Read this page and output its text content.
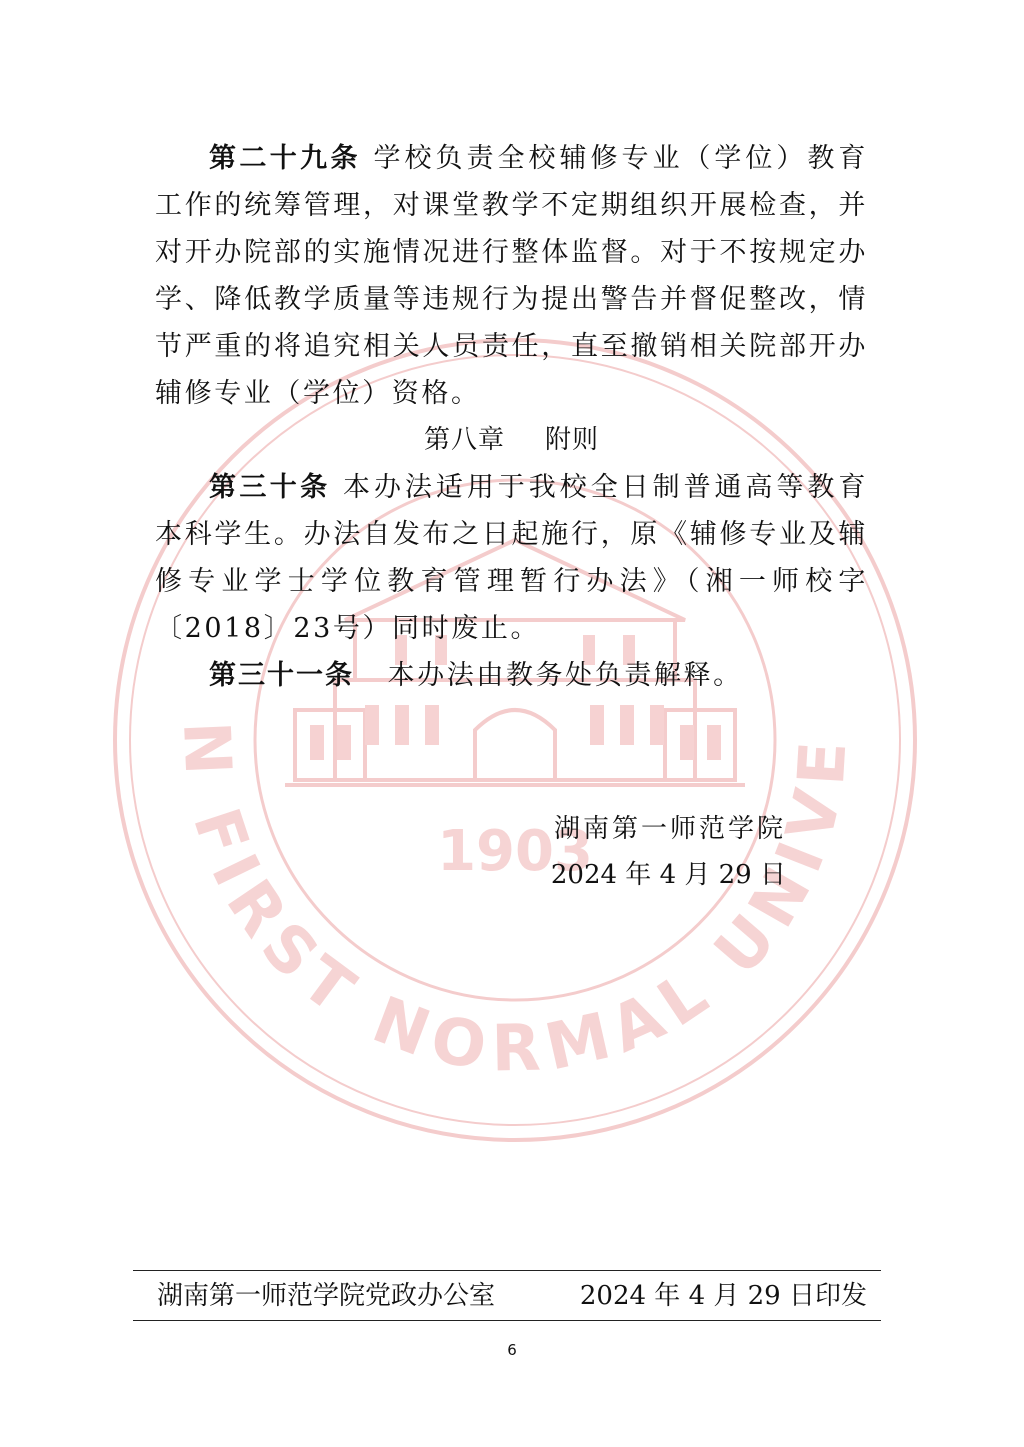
1903
N FIRST NORMAL UNIVE

第二十九条 学校负责全校辅修专业（学位）教育工作的统筹管理，对课堂教学不定期组织开展检查，并对开办院部的实施情况进行整体监督。对于不按规定办学、降低教学质量等违规行为提出警告并督促整改，情节严重的将追究相关人员责任，直至撤销相关院部开办辅修专业（学位）资格。

第八章 附则

第三十条 本办法适用于我校全日制普通高等教育本科学生。办法自发布之日起施行，原《辅修专业及辅修专业学士学位教育管理暂行办法》（湘一师校字〔2018〕23号）同时废止。

第三十一条 本办法由教务处负责解释。

湖南第一师范学院
2024 年 4 月 29 日
湖南第一师范学院党政办公室	2024 年 4 月 29 日印发
6
